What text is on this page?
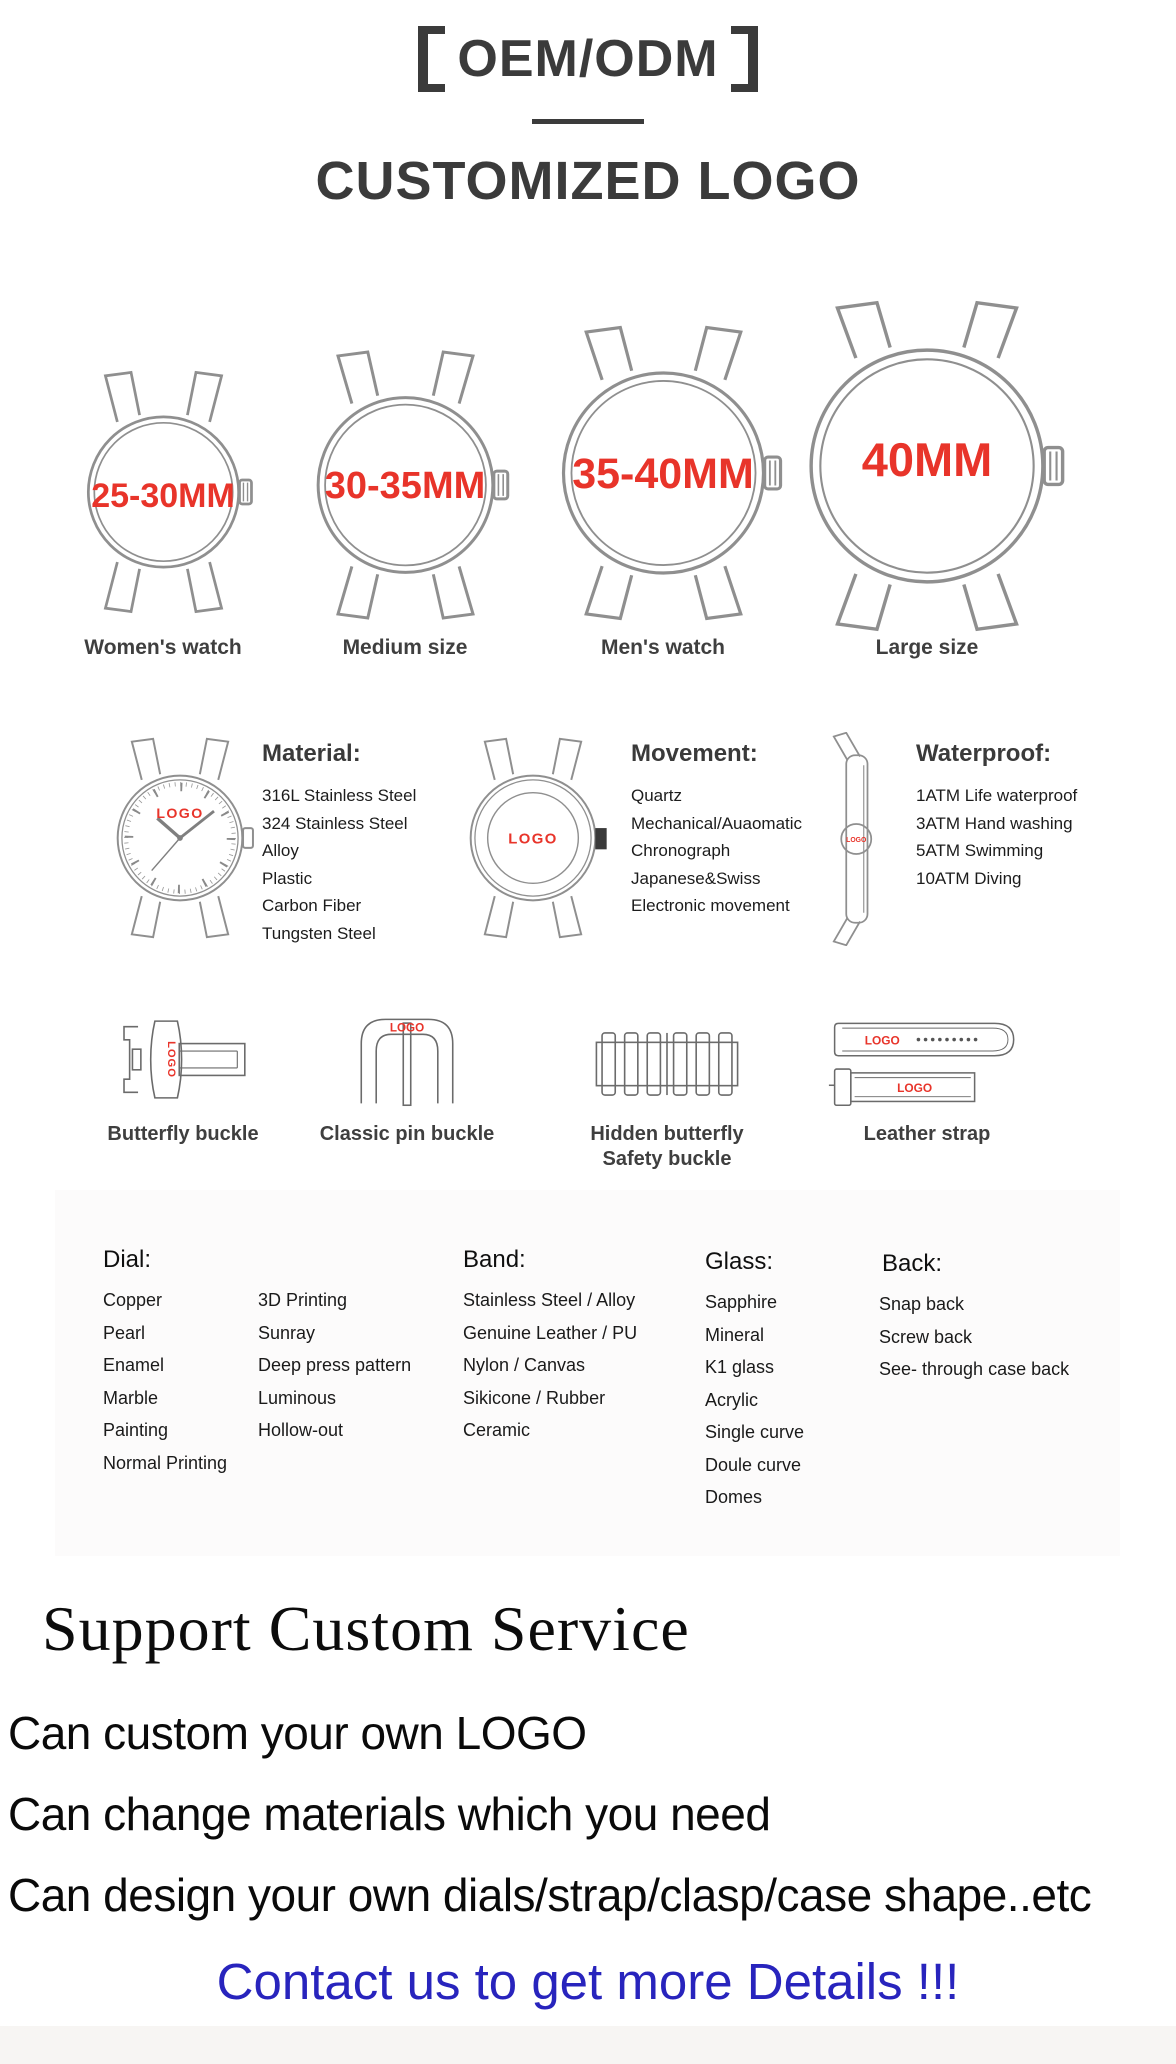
OEM/ODM
CUSTOMIZED LOGO
25-30MM
Women's watch
30-35MM
Medium size
35-40MM
Men's watch
40MM
Large size
LOGO
Material:
316L Stainless Steel
324 Stainless Steel
Alloy
Plastic
Carbon Fiber
Tungsten Steel
LOGO
Movement:
Quartz
Mechanical/Auaomatic
Chronograph
Japanese&Swiss
Electronic movement
LOGO
Waterproof:
1ATM Life waterproof
3ATM Hand washing
5ATM Swimming
10ATM Diving
LOGO
Butterfly buckle
LOGO
Classic pin buckle	Hidden butterfly
Safety buckle
LOGO
LOGO
Leather strap
Dial:
Copper
Pearl
Enamel
Marble
Painting
Normal Printing
3D Printing
Sunray
Deep press pattern
Luminous
Hollow-out
Band:
Stainless Steel / Alloy
Genuine Leather / PU
Nylon / Canvas
Sikicone / Rubber
Ceramic
Glass:
Sapphire
Mineral
K1 glass
Acrylic
Single curve
Doule curve
Domes
Back:
Snap back
Screw back
See- through case back
Support Custom Service
Can custom your own LOGO
Can change materials which you need
Can design your own dials/strap/clasp/case shape..etc
Contact us to get more Details !!!
